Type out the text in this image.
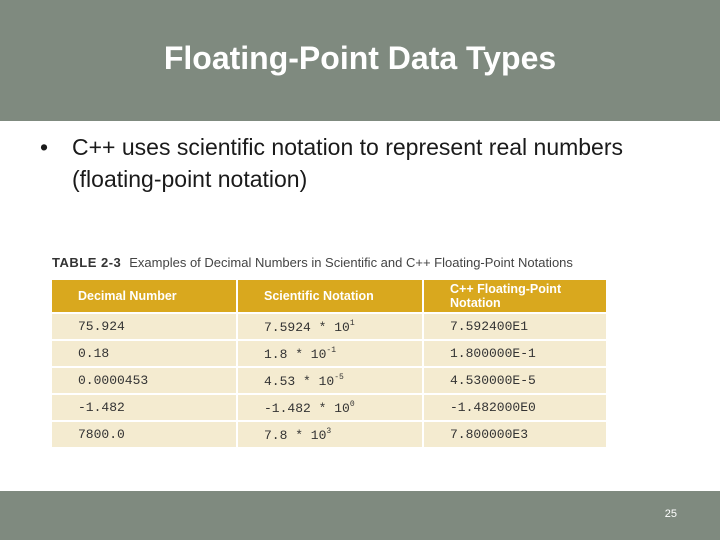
Floating-Point Data Types
• C++ uses scientific notation to represent real numbers (floating-point notation)
TABLE 2-3 Examples of Decimal Numbers in Scientific and C++ Floating-Point Notations
Decimal Number	Scientific Notation	C++ Floating-Point Notation
75.924	$7.5924 * 10^1$	7.592400E1
0.18	$1.8 * 10^{-1}$	1.800000E-1
0.0000453	$4.53 * 10^{-5}$	4.530000E-5
-1.482	$-1.482 * 10^0$	-1.482000E0
7800.0	$7.8 * 10^3$	7.800000E3
25
